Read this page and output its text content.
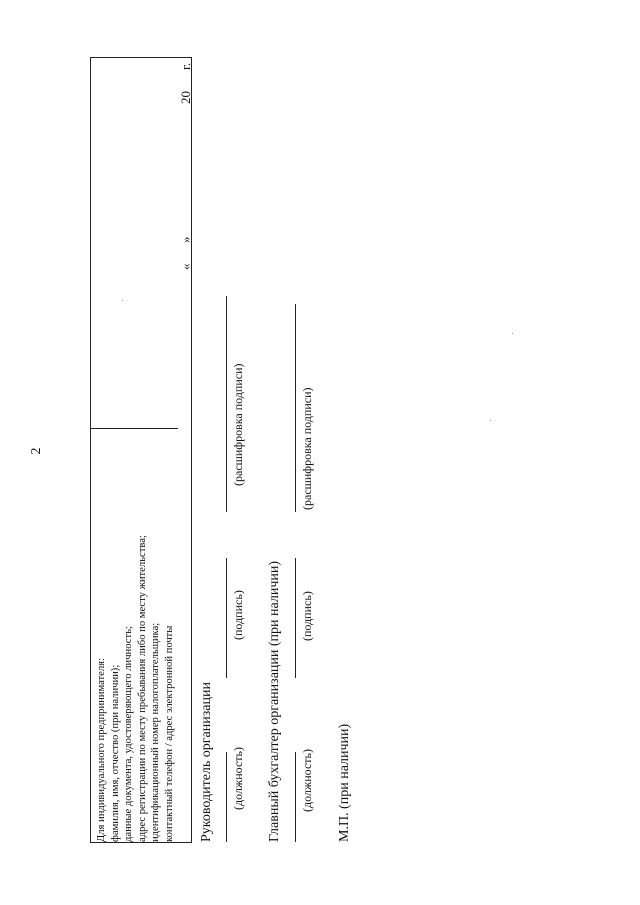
2
Для индивидуального предпринимателя: фамилия, имя, отчество (при наличии); данные документа, удостоверяющего личность; адрес регистрации по месту пребывания либо по месту жительства; идентификационный номер налогоплательщика; контактный телефон / адрес электронной почты
«
»
20
г.
Руководитель организации (должность)
(подпись)
(расшифровка подписи)
Главный бухгалтер организации (при наличии) (должность)
(подпись)
(расшифровка подписи)
М.П. (при наличии)
